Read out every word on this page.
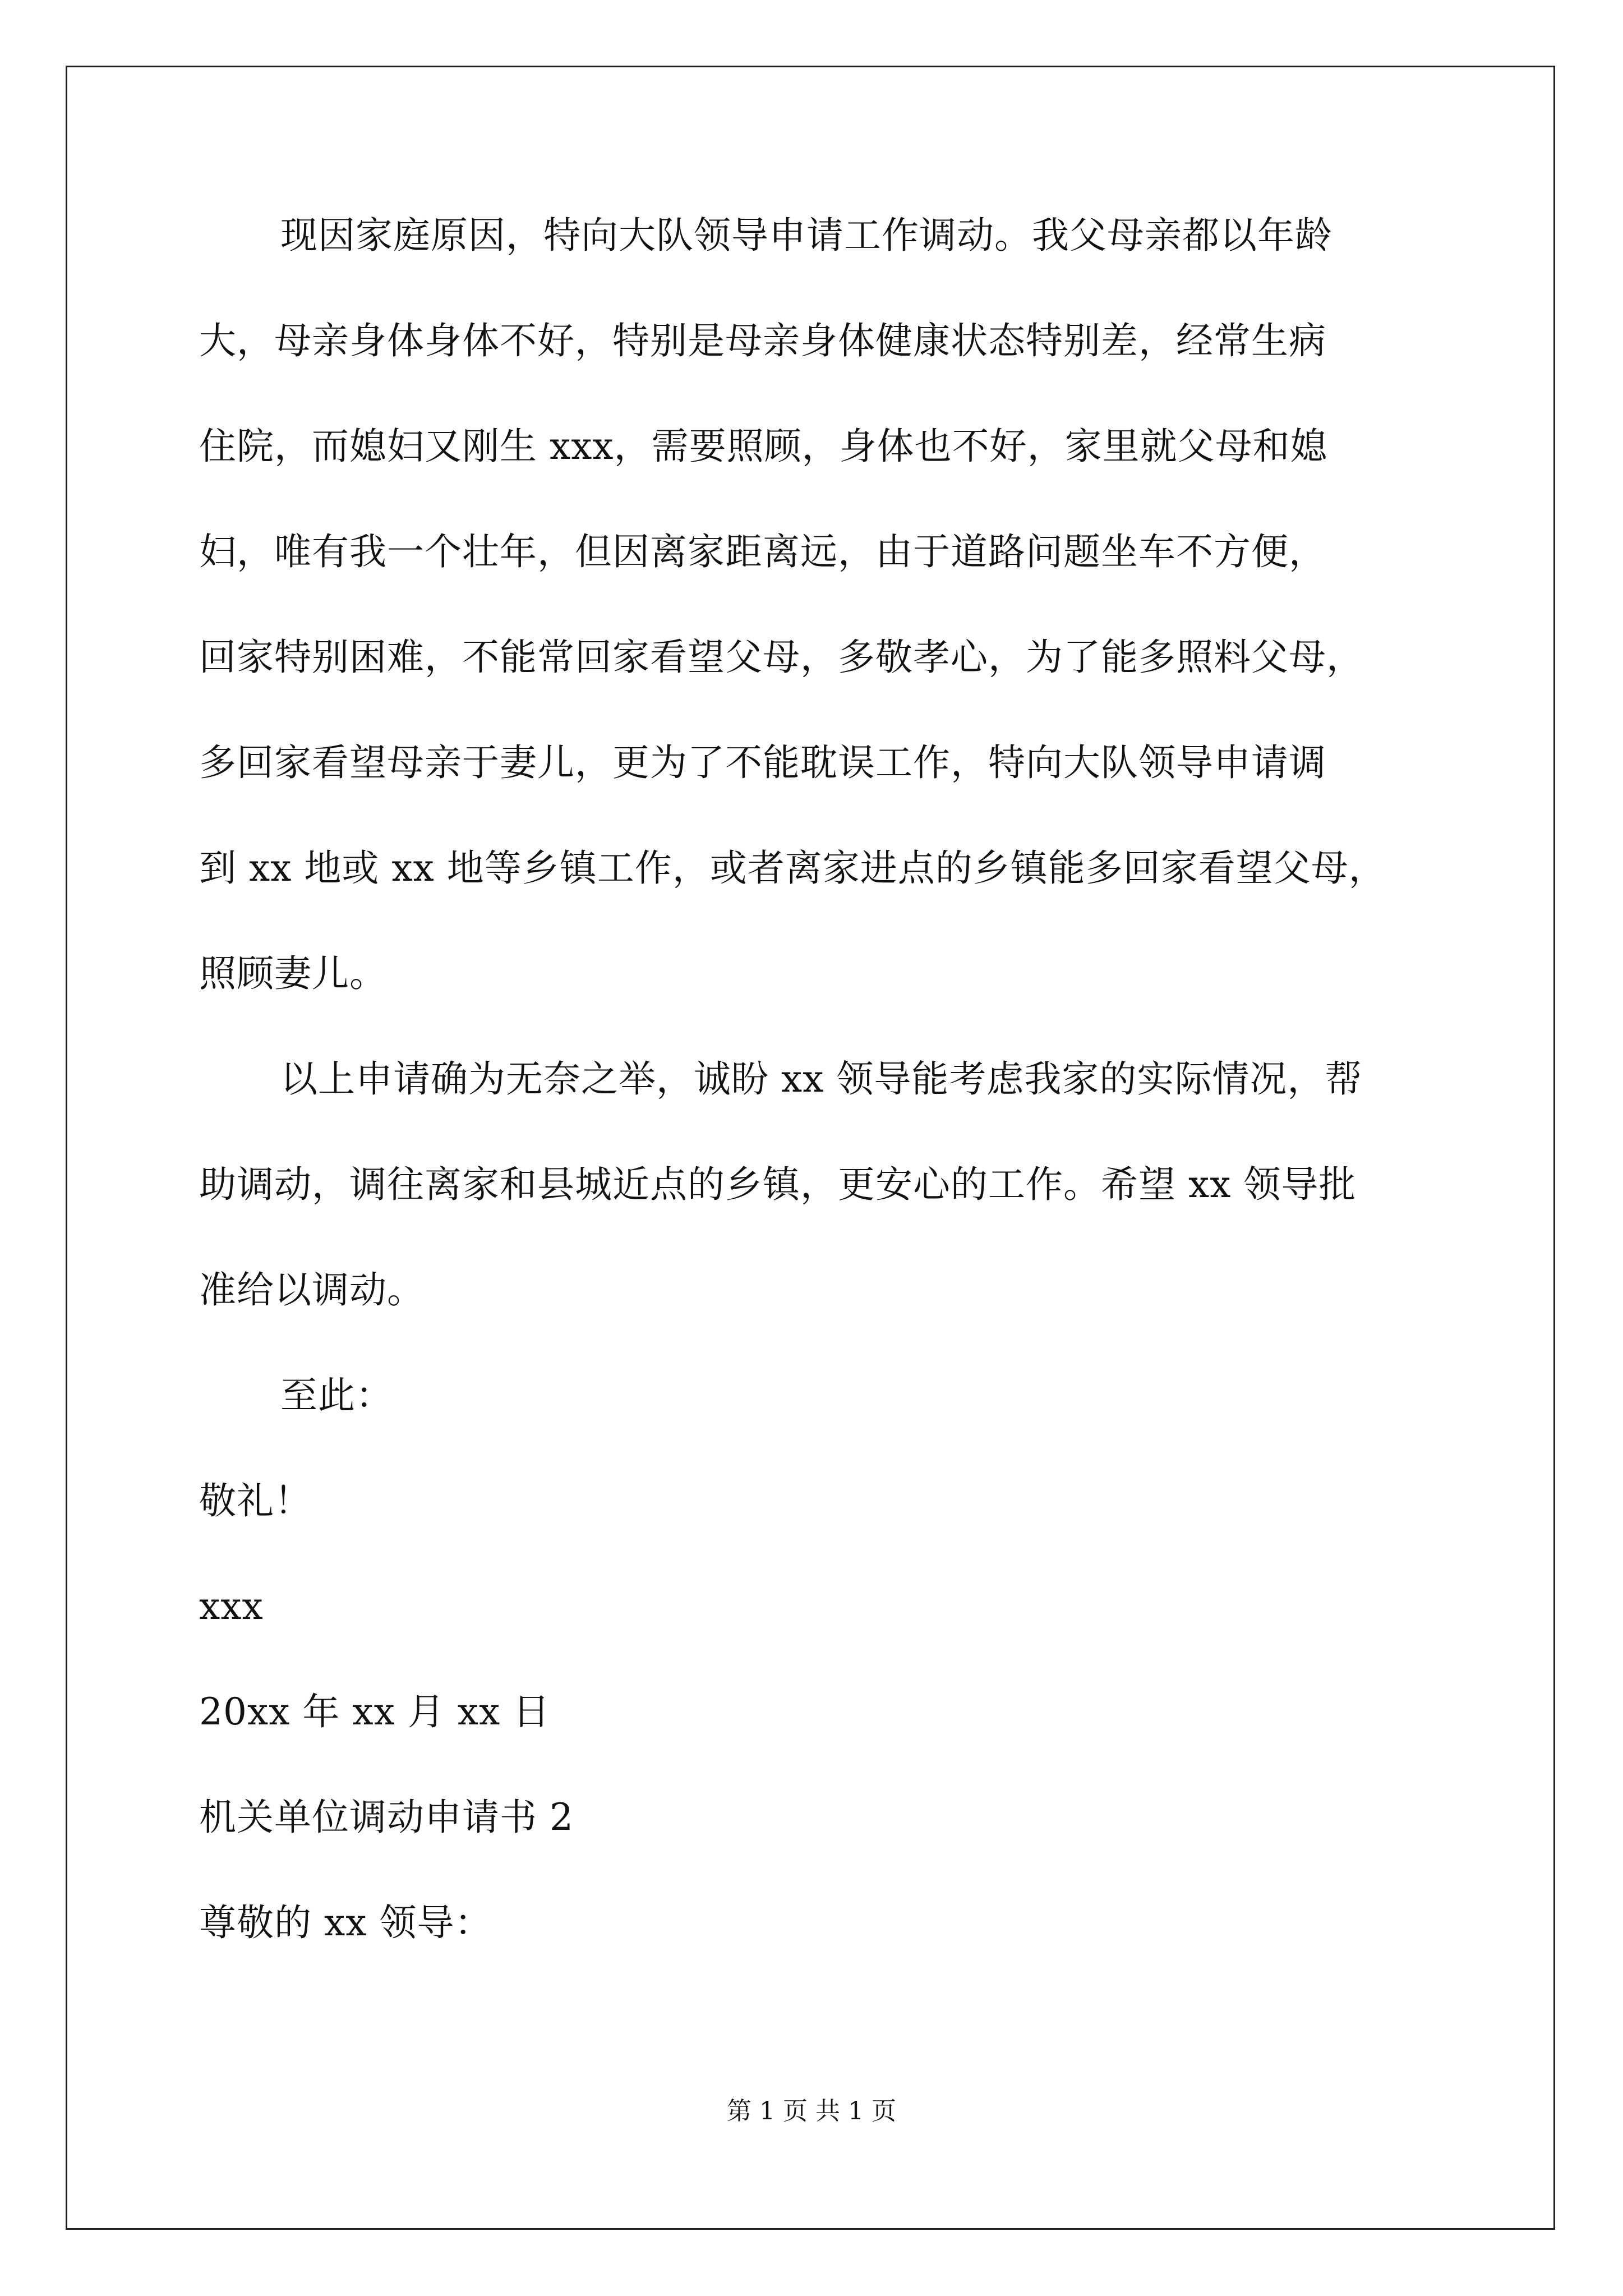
现因家庭原因，特向大队领导申请工作调动。我父母亲都以年龄
大，母亲身体身体不好，特别是母亲身体健康状态特别差，经常生病
住院，而媳妇又刚生 xxx，需要照顾，身体也不好，家里就父母和媳
妇，唯有我一个壮年，但因离家距离远，由于道路问题坐车不方便，
回家特别困难，不能常回家看望父母，多敬孝心，为了能多照料父母，
多回家看望母亲于妻儿，更为了不能耽误工作，特向大队领导申请调
到 xx 地或 xx 地等乡镇工作，或者离家进点的乡镇能多回家看望父母，
照顾妻儿。
以上申请确为无奈之举，诚盼 xx 领导能考虑我家的实际情况，帮
助调动，调往离家和县城近点的乡镇，更安心的工作。希望 xx 领导批
准给以调动。
至此：
敬礼！
xxx
20xx 年 xx 月 xx 日
机关单位调动申请书 2
尊敬的 xx 领导：
第 1 页 共 1 页
